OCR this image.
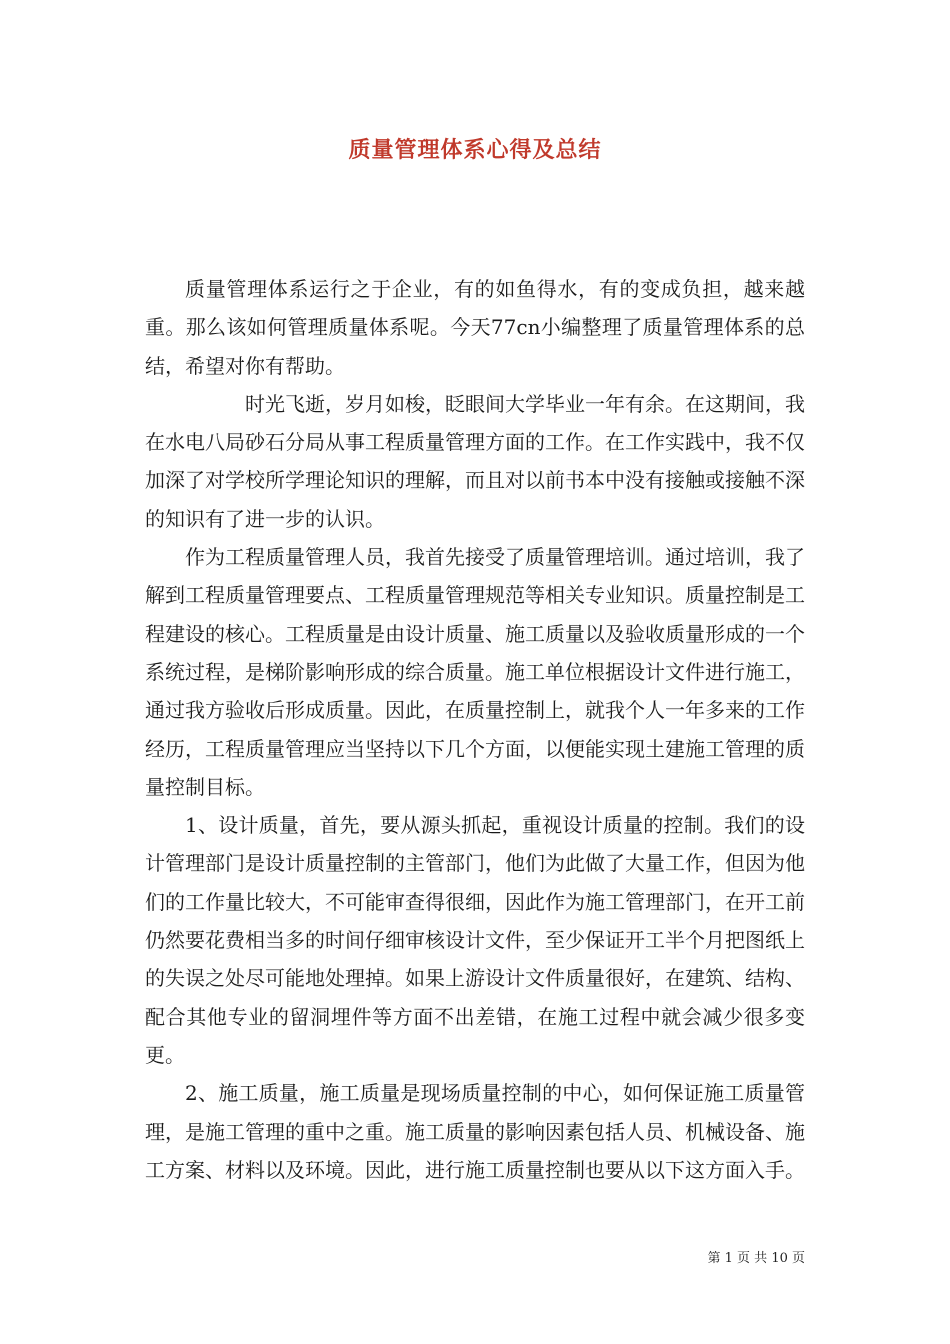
质量管理体系心得及总结

质量管理体系运行之于企业，有的如鱼得水，有的变成负担，越来越重。那么该如何管理质量体系呢。今天77cn小编整理了质量管理体系的总结，希望对你有帮助。

时光飞逝，岁月如梭，眨眼间大学毕业一年有余。在这期间，我在水电八局砂石分局从事工程质量管理方面的工作。在工作实践中，我不仅加深了对学校所学理论知识的理解，而且对以前书本中没有接触或接触不深的知识有了进一步的认识。

作为工程质量管理人员，我首先接受了质量管理培训。通过培训，我了解到工程质量管理要点、工程质量管理规范等相关专业知识。质量控制是工程建设的核心。工程质量是由设计质量、施工质量以及验收质量形成的一个系统过程，是梯阶影响形成的综合质量。施工单位根据设计文件进行施工，通过我方验收后形成质量。因此，在质量控制上，就我个人一年多来的工作经历，工程质量管理应当坚持以下几个方面，以便能实现土建施工管理的质量控制目标。

1、设计质量，首先，要从源头抓起，重视设计质量的控制。我们的设计管理部门是设计质量控制的主管部门，他们为此做了大量工作，但因为他们的工作量比较大，不可能审查得很细，因此作为施工管理部门，在开工前仍然要花费相当多的时间仔细审核设计文件，至少保证开工半个月把图纸上的失误之处尽可能地处理掉。如果上游设计文件质量很好，在建筑、结构、配合其他专业的留洞埋件等方面不出差错，在施工过程中就会减少很多变更。

2、施工质量，施工质量是现场质量控制的中心，如何保证施工质量管理，是施工管理的重中之重。施工质量的影响因素包括人员、机械设备、施工方案、材料以及环境。因此，进行施工质量控制也要从以下这方面入手。

第 1 页 共 10 页
